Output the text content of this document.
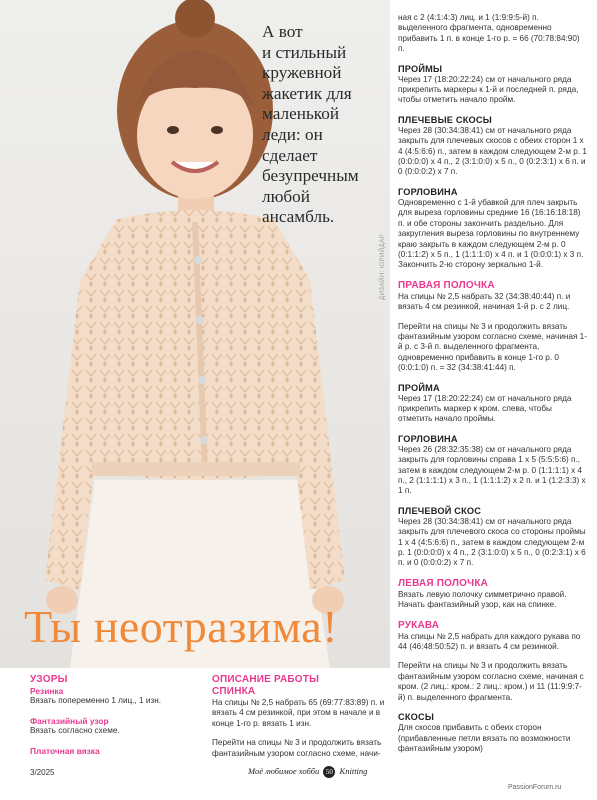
А вот
и стильный
кружевной
жакетик для
маленькой
леди: он
сделает
безупречным
любой
ансамбль.
ДИЗАЙН: ЮРИЙДАР
Ты неотразима!

ная с 2 (4:1:4:3) лиц. и 1 (1:9:9:5-й) п. выделенного фрагмента, одновременно прибавить 1 п. в конце 1-го р. = 66 (70:78:84:90) п.

ПРОЙМЫ

Через 17 (18:20:22:24) см от начального ряда прикрепить маркеры к 1-й и последней п. ряда, чтобы отметить начало пройм.

ПЛЕЧЕВЫЕ СКОСЫ

Через 28 (30:34:38:41) см от начального ряда закрыть для плечевых скосов с обеих сторон 1 х 4 (4:5:6:6) п., затем в каждом следующем 2-м р. 1 (0:0:0:0) х 4 п., 2 (3:1:0:0) х 5 п., 0 (0:2:3:1) х 6 п. и 0 (0:0:0:2) х 7 п.

ГОРЛОВИНА

Одновременно с 1-й убавкой для плеч закрыть для выреза горловины средние 16 (16:16:18:18) п. и обе стороны закончить раздельно. Для закругления выреза горловины по внутреннему краю закрыть в каждом следующем 2-м р. 0 (0:1:1:2) х 5 п., 1 (1:1:1:0) х 4 п. и 1 (0:0:0:1) х 3 п. Закончить 2-ю сторону зеркально 1-й.

ПРАВАЯ ПОЛОЧКА

На спицы № 2,5 набрать 32 (34:38:40:44) п. и вязать 4 см резинкой, начиная 1-й р. с 2 лиц.

Перейти на спицы № 3 и продолжить вязать фантазийным узором согласно схеме, начиная 1-й р. с 3-й п. выделенного фрагмента, одновременно прибавить в конце 1-го р. 0 (0:0:1:0) п. = 32 (34:38:41:44) п.

ПРОЙМА

Через 17 (18:20:22:24) см от начального ряда прикрепить маркер к кром. слева, чтобы отметить начало проймы.

ГОРЛОВИНА

Через 26 (28:32:35:38) см от начального ряда закрыть для горловины справа 1 х 5 (5:5:5:6) п., затем в каждом следующем 2-м р. 0 (1:1:1:1) х 4 п., 2 (1:1:1:1) х 3 п., 1 (1:1:1:2) х 2 п. и 1 (1:2:3:3) х 1 п.

ПЛЕЧЕВОЙ СКОС

Через 28 (30:34:38:41) см от начального ряда закрыть для плечевого скоса со стороны проймы 1 х 4 (4:5:6:6) п., затем в каждом следующем 2-м р. 1 (0:0:0:0) х 4 п., 2 (3:1:0:0) х 5 п., 0 (0:2:3:1) х 6 п. и 0 (0:0:0:2) х 7 п.

ЛЕВАЯ ПОЛОЧКА

Вязать левую полочку симметрично правой. Начать фантазийный узор, как на спинке.

РУКАВА

На спицы № 2,5 набрать для каждого рукава по 44 (46:48:50:52) п. и вязать 4 см резинкой.

Перейти на спицы № 3 и продолжить вязать фантазийным узором согласно схеме, начиная с кром. (2 лиц.: кром.: 2 лиц.: кром.) и 11 (11:9:9:7-й) п. выделенного фрагмента.

СКОСЫ

Для скосов прибавить с обеих сторон (прибавленные петли вязать по возможности фантазийным узором)

УЗОРЫ
Резинка

Вязать попеременно 1 лиц., 1 изн.

Фантазийный узор

Вязать согласно схеме.

Платочная вязка
ОПИСАНИЕ РАБОТЫ
СПИНКА

На спицы № 2,5 набрать 65 (69:77:83:89) п. и вязать 4 см резинкой, при этом в начале и в конце 1-го р. вязать 1 изн.

Перейти на спицы № 3 и продолжить вязать фантазийным узором согласно схеме, начи-

3/2025	Моё любимое хобби 50 Knitting
PassionForum.ru
